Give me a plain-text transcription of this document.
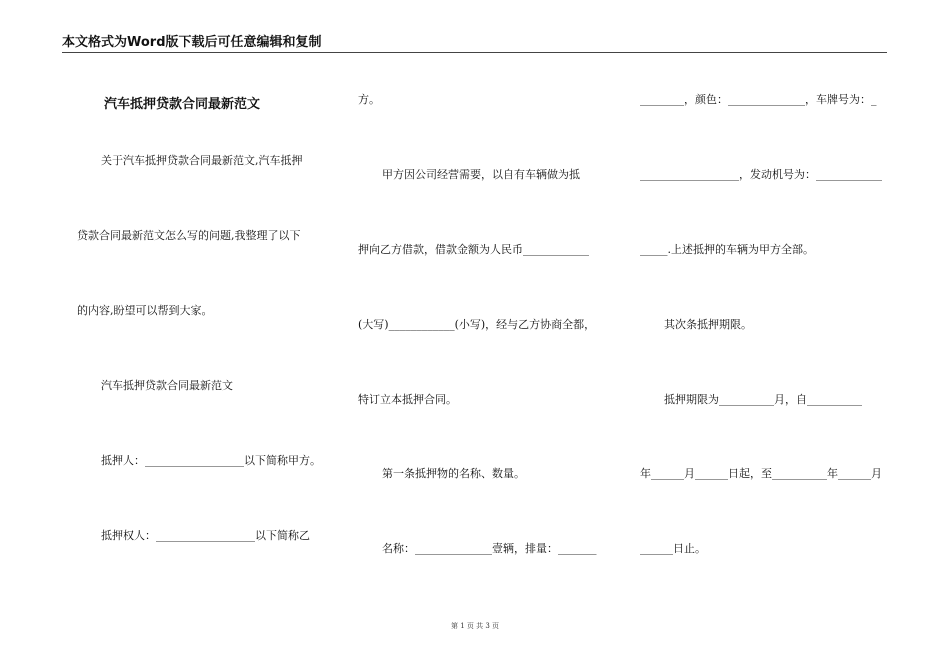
本文格式为Word版下载后可任意编辑和复制
汽车抵押贷款合同最新范文
关于汽车抵押贷款合同最新范文,汽车抵押
贷款合同最新范文怎么写的问题,我整理了以下
的内容,盼望可以帮到大家。
汽车抵押贷款合同最新范文
抵押人：__________________以下简称甲方。
抵押权人：__________________以下简称乙
方。
甲方因公司经营需要，以自有车辆做为抵
押向乙方借款，借款金额为人民币____________
(大写)____________(小写)，经与乙方协商全都，
特订立本抵押合同。
第一条抵押物的名称、数量。
名称：______________壹辆，排量：_______
________，颜色：______________，车牌号为：_
__________________，发动机号为：____________
_____.上述抵押的车辆为甲方全部。
其次条抵押期限。
抵押期限为__________月，自__________
年______月______日起，至__________年______月
______日止。
第 1 页 共 3 页
